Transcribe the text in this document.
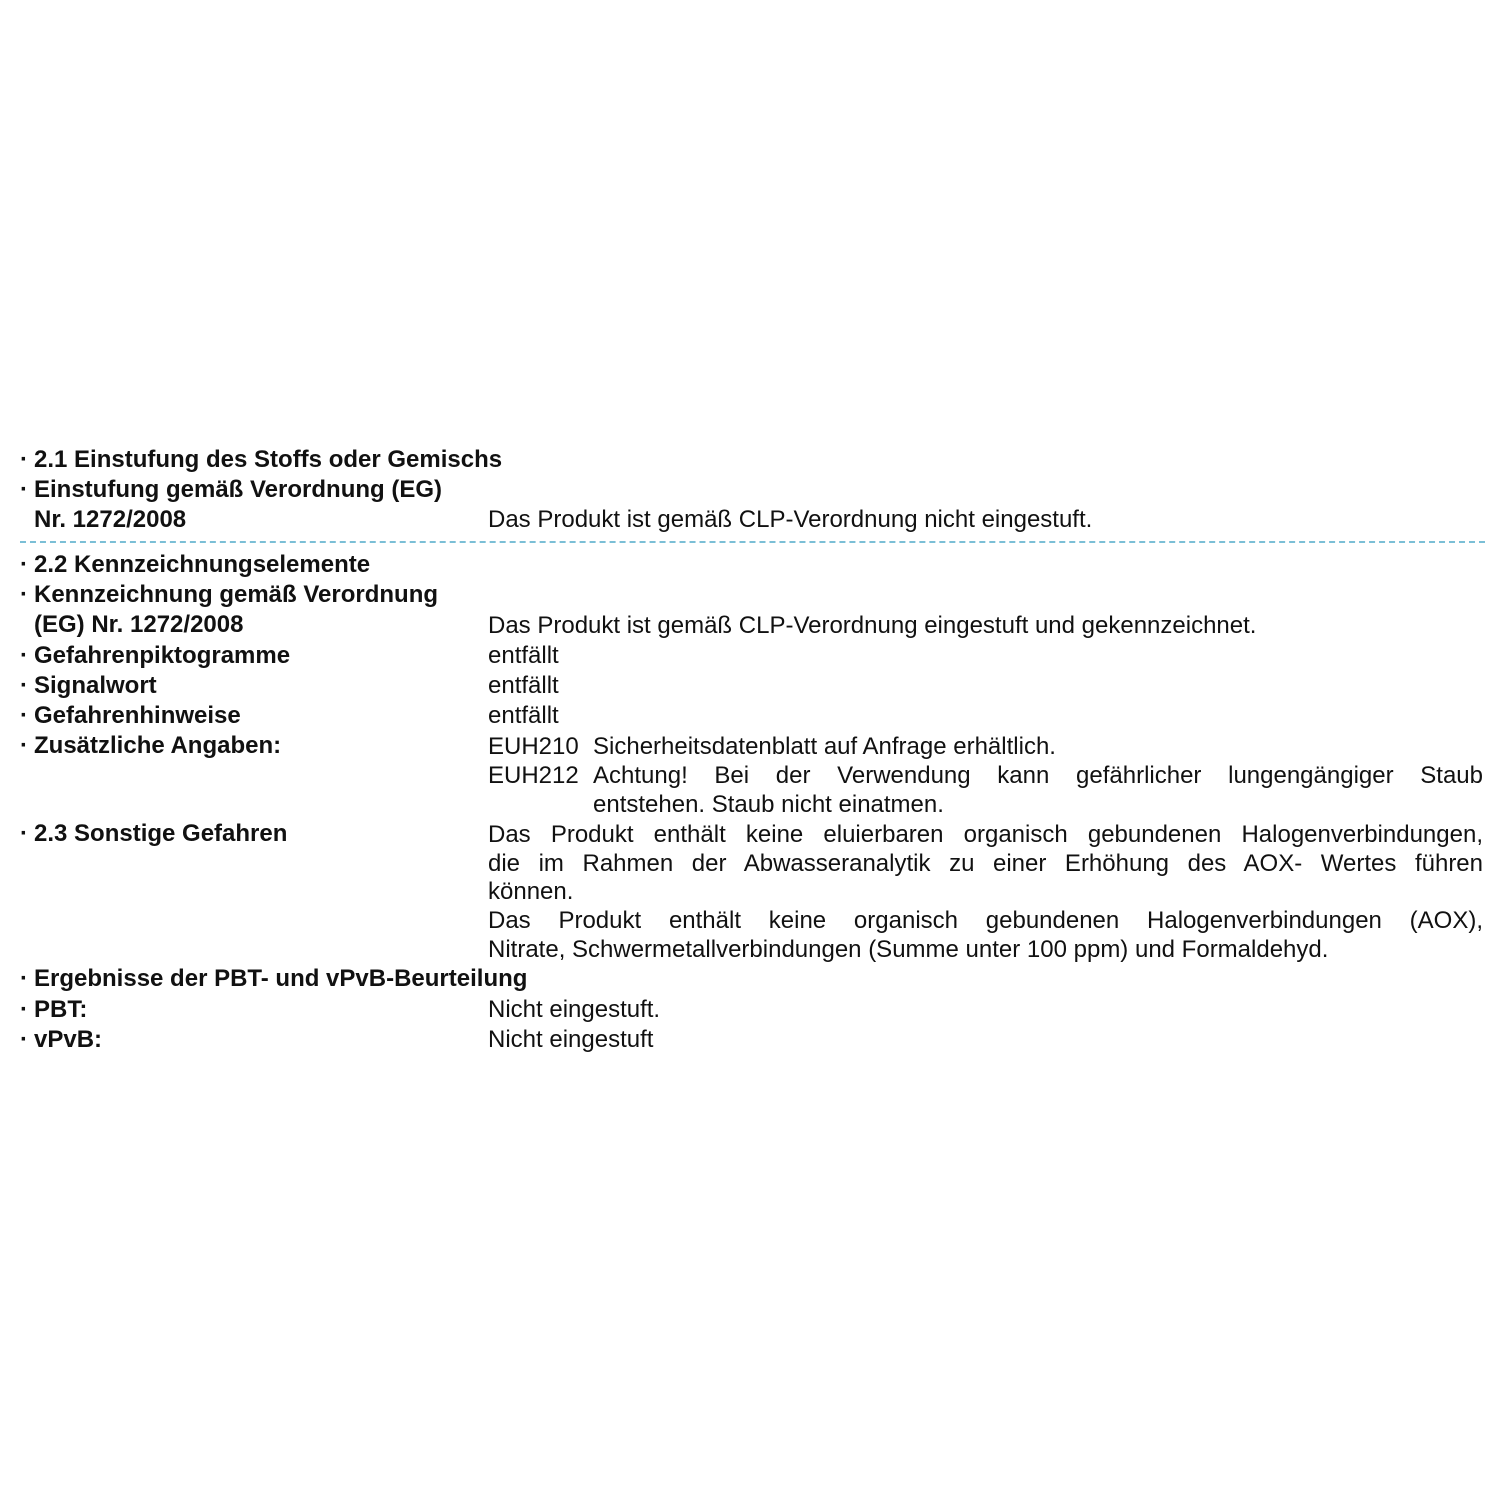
· 2.1 Einstufung des Stoffs oder Gemischs
· Einstufung gemäß Verordnung (EG)
Nr. 1272/2008	Das Produkt ist gemäß CLP-Verordnung nicht eingestuft.
· 2.2 Kennzeichnungselemente
· Kennzeichnung gemäß Verordnung
(EG) Nr. 1272/2008	Das Produkt ist gemäß CLP-Verordnung eingestuft und gekennzeichnet.
· Gefahrenpiktogramme	entfällt
· Signalwort	entfällt
· Gefahrenhinweise	entfällt
· Zusätzliche Angaben:	EUH210 Sicherheitsdatenblatt auf Anfrage erhältlich.
EUH212 Achtung! Bei der Verwendung kann gefährlicher lungengängiger Staub
entstehen. Staub nicht einatmen.
· 2.3 Sonstige Gefahren	Das Produkt enthält keine eluierbaren organisch gebundenen Halogenverbindungen,
die im Rahmen der Abwasseranalytik zu einer Erhöhung des AOX- Wertes führen
können.
Das Produkt enthält keine organisch gebundenen Halogenverbindungen (AOX),
Nitrate, Schwermetallverbindungen (Summe unter 100 ppm) und Formaldehyd.
· Ergebnisse der PBT- und vPvB-Beurteilung
· PBT:	Nicht eingestuft.
· vPvB:	Nicht eingestuft
